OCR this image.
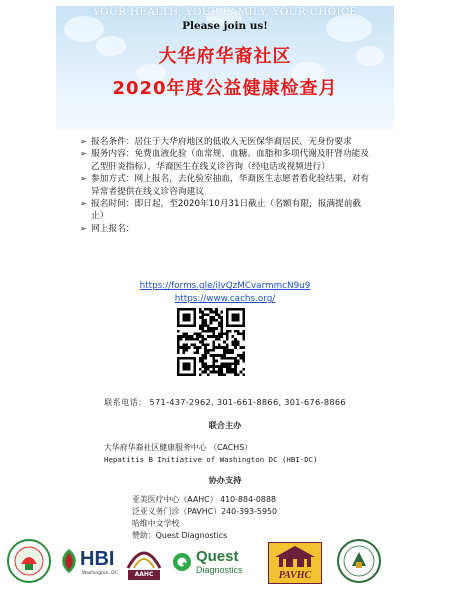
YOUR HEALTH, YOUR FAMILY, YOUR CHOICE
Please join us!
大华府华裔社区
2020年度公益健康检查月

➢ 报名条件：居住于大华府地区的低收入无医保华裔居民，无身份要求

➢ 服务内容：免费血液化验（血常规、血糖、血脂和多项代谢及肝肾功能及乙型肝炎指标），华裔医生在线义诊咨询（经电话或视频进行）

➢ 参加方式：网上报名，去化验室抽血，华裔医生志愿者看化验结果，对有异常者提供在线义诊咨询建议

➢ 报名时间：即日起，至2020年10月31日截止（名额有限，报满提前截止）

➢ 网上报名：

https://forms.gle/iJvQzMCvarmmcN9u9
https://www.cachs.org/
联系电话： 571-437-2962, 301-661-8866, 301-676-8866
联合主办
大华府华裔社区健康服务中心 （CACHS）
Hepatitis B Initiative of Washington DC (HBI-DC)
协办支持
亚美医疗中心（AAHC） 410-884-0888
泛亚义务门诊（PAVHC）240-393-5950
哈维中文学校
赞助：Quest Diagnostics
HBI
Washington, DC	AAHC
Quest
Diagnostics	PAVHC
